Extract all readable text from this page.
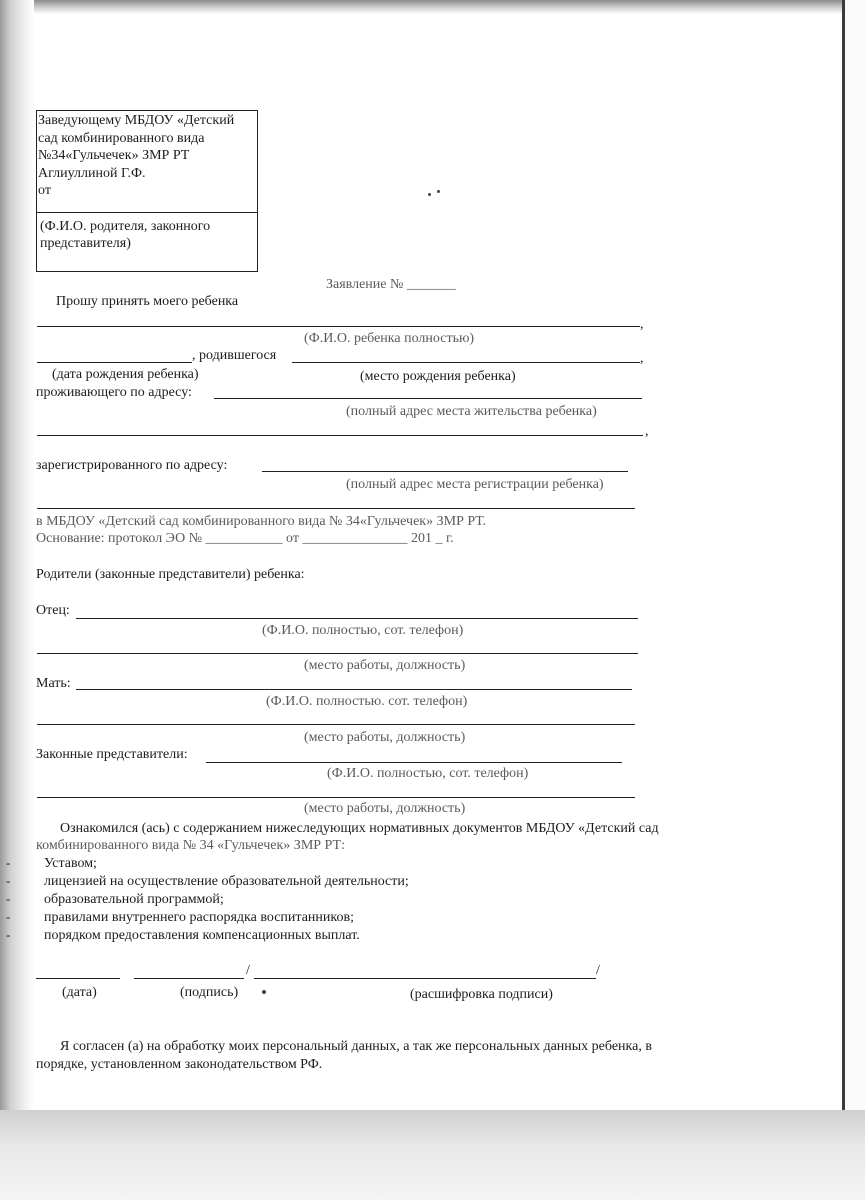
Заведующему МБДОУ «Детский
сад комбинированного вида
№34«Гульчечек» ЗМР РТ
Аглиуллиной Г.Ф.
от
(Ф.И.О. родителя, законного
представителя)
Заявление № _______
Прошу принять моего ребенка
,
(Ф.И.О. ребенка полностью)
, родившегося	,
(дата рождения ребенка)	(место рождения ребенка)
проживающего по адресу:
(полный адрес места жительства ребенка)
,
зарегистрированного по адресу:
(полный адрес места регистрации ребенка)
в МБДОУ «Детский сад комбинированного вида № 34«Гульчечек» ЗМР РТ.
Основание: протокол ЭО № ___________ от _______________ 201 _ г.
Родители (законные представители) ребенка:
Отец:
(Ф.И.О. полностью, сот. телефон)
(место работы, должность)
Мать:
(Ф.И.О. полностью. сот. телефон)
(место работы, должность)
Законные представители:
(Ф.И.О. полностью, сот. телефон)
(место работы, должность)
Ознакомился (ась) с содержанием нижеследующих нормативных документов МБДОУ «Детский сад
комбинированного вида № 34 «Гульчечек» ЗМР РТ:
- Уставом;
- лицензией на осуществление образовательной деятельности;
- образовательной программой;
- правилами внутреннего распорядка воспитанников;
- порядком предоставления компенсационных выплат.
/	/
(дата)	(подпись)	(расшифровка подписи)
Я согласен (а) на обработку моих персональный данных, а так же персональных данных ребенка, в
порядке, установленном законодательством РФ.
